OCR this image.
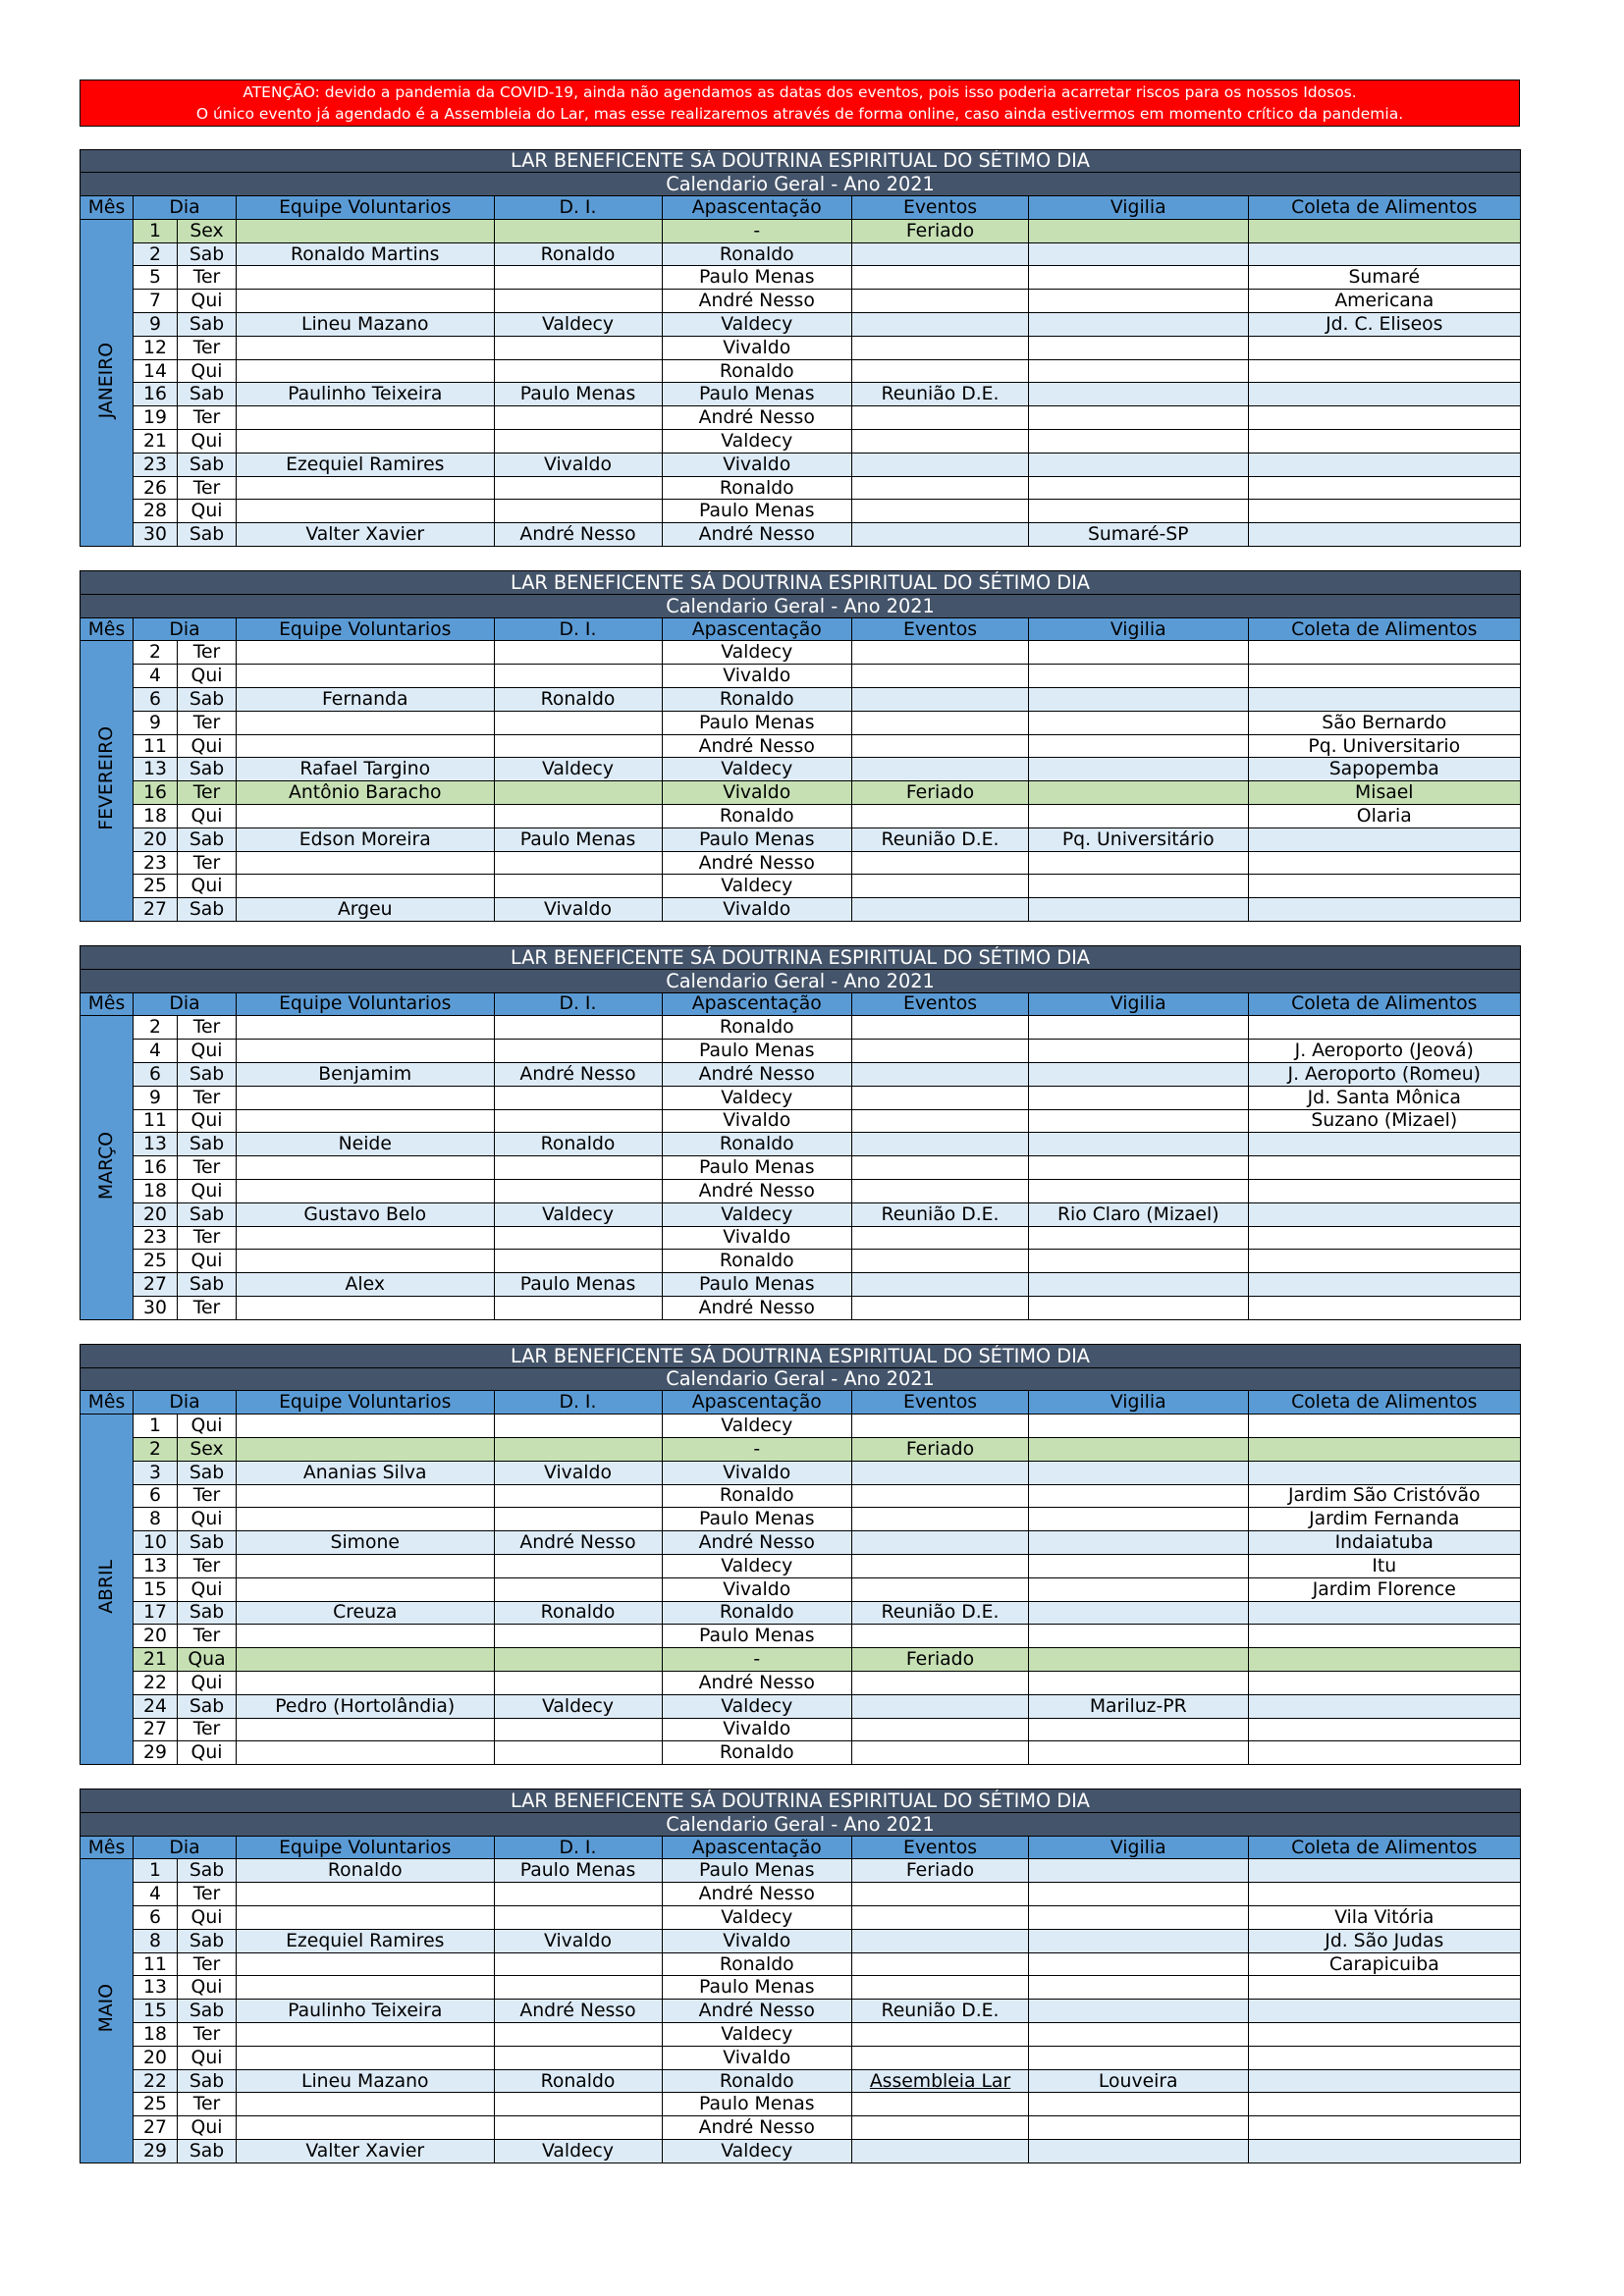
ATENÇÃO: devido a pandemia da COVID-19, ainda não agendamos as datas dos eventos, pois isso poderia acarretar riscos para os nossos Idosos.
O único evento já agendado é a Assembleia do Lar, mas esse realizaremos através de forma online, caso ainda estivermos em momento crítico da pandemia.
LAR BENEFICENTE SÁ DOUTRINA ESPIRITUAL DO SÉTIMO DIA								
Calendario Geral - Ano 2021								
Mês	Dia		Equipe Voluntarios	D. I.	Apascentação	Eventos	Vigilia	Coleta de Alimentos
JANEIRO	1	Sex			-	Feriado		
	2	Sab	Ronaldo Martins	Ronaldo	Ronaldo			
	5	Ter			Paulo Menas			Sumaré
	7	Qui			André Nesso			Americana
	9	Sab	Lineu Mazano	Valdecy	Valdecy			Jd. C. Eliseos
	12	Ter			Vivaldo			
	14	Qui			Ronaldo			
	16	Sab	Paulinho Teixeira	Paulo Menas	Paulo Menas	Reunião D.E.		
	19	Ter			André Nesso			
	21	Qui			Valdecy			
	23	Sab	Ezequiel Ramires	Vivaldo	Vivaldo			
	26	Ter			Ronaldo			
	28	Qui			Paulo Menas			
	30	Sab	Valter Xavier	André Nesso	André Nesso		Sumaré-SP	
LAR BENEFICENTE SÁ DOUTRINA ESPIRITUAL DO SÉTIMO DIA								
Calendario Geral - Ano 2021								
Mês	Dia		Equipe Voluntarios	D. I.	Apascentação	Eventos	Vigilia	Coleta de Alimentos
FEVEREIRO	2	Ter			Valdecy			
	4	Qui			Vivaldo			
	6	Sab	Fernanda	Ronaldo	Ronaldo			
	9	Ter			Paulo Menas			São Bernardo
	11	Qui			André Nesso			Pq. Universitario
	13	Sab	Rafael Targino	Valdecy	Valdecy			Sapopemba
	16	Ter	Antônio Baracho		Vivaldo	Feriado		Misael
	18	Qui			Ronaldo			Olaria
	20	Sab	Edson Moreira	Paulo Menas	Paulo Menas	Reunião D.E.	Pq. Universitário	
	23	Ter			André Nesso			
	25	Qui			Valdecy			
	27	Sab	Argeu	Vivaldo	Vivaldo			
LAR BENEFICENTE SÁ DOUTRINA ESPIRITUAL DO SÉTIMO DIA								
Calendario Geral - Ano 2021								
Mês	Dia		Equipe Voluntarios	D. I.	Apascentação	Eventos	Vigilia	Coleta de Alimentos
MARÇO	2	Ter			Ronaldo			
	4	Qui			Paulo Menas			J. Aeroporto (Jeová)
	6	Sab	Benjamim	André Nesso	André Nesso			J. Aeroporto (Romeu)
	9	Ter			Valdecy			Jd. Santa Mônica
	11	Qui			Vivaldo			Suzano (Mizael)
	13	Sab	Neide	Ronaldo	Ronaldo			
	16	Ter			Paulo Menas			
	18	Qui			André Nesso			
	20	Sab	Gustavo Belo	Valdecy	Valdecy	Reunião D.E.	Rio Claro (Mizael)	
	23	Ter			Vivaldo			
	25	Qui			Ronaldo			
	27	Sab	Alex	Paulo Menas	Paulo Menas			
	30	Ter			André Nesso			
LAR BENEFICENTE SÁ DOUTRINA ESPIRITUAL DO SÉTIMO DIA								
Calendario Geral - Ano 2021								
Mês	Dia		Equipe Voluntarios	D. I.	Apascentação	Eventos	Vigilia	Coleta de Alimentos
ABRIL	1	Qui			Valdecy			
	2	Sex			-	Feriado		
	3	Sab	Ananias Silva	Vivaldo	Vivaldo			
	6	Ter			Ronaldo			Jardim São Cristóvão
	8	Qui			Paulo Menas			Jardim Fernanda
	10	Sab	Simone	André Nesso	André Nesso			Indaiatuba
	13	Ter			Valdecy			Itu
	15	Qui			Vivaldo			Jardim Florence
	17	Sab	Creuza	Ronaldo	Ronaldo	Reunião D.E.		
	20	Ter			Paulo Menas			
	21	Qua			-	Feriado		
	22	Qui			André Nesso			
	24	Sab	Pedro (Hortolândia)	Valdecy	Valdecy		Mariluz-PR	
	27	Ter			Vivaldo			
	29	Qui			Ronaldo			
LAR BENEFICENTE SÁ DOUTRINA ESPIRITUAL DO SÉTIMO DIA								
Calendario Geral - Ano 2021								
Mês	Dia		Equipe Voluntarios	D. I.	Apascentação	Eventos	Vigilia	Coleta de Alimentos
MAIO	1	Sab	Ronaldo	Paulo Menas	Paulo Menas	Feriado		
	4	Ter			André Nesso			
	6	Qui			Valdecy			Vila Vitória
	8	Sab	Ezequiel Ramires	Vivaldo	Vivaldo			Jd. São Judas
	11	Ter			Ronaldo			Carapicuiba
	13	Qui			Paulo Menas			
	15	Sab	Paulinho Teixeira	André Nesso	André Nesso	Reunião D.E.		
	18	Ter			Valdecy			
	20	Qui			Vivaldo			
	22	Sab	Lineu Mazano	Ronaldo	Ronaldo	Assembleia Lar	Louveira	
	25	Ter			Paulo Menas			
	27	Qui			André Nesso			
	29	Sab	Valter Xavier	Valdecy	Valdecy			
